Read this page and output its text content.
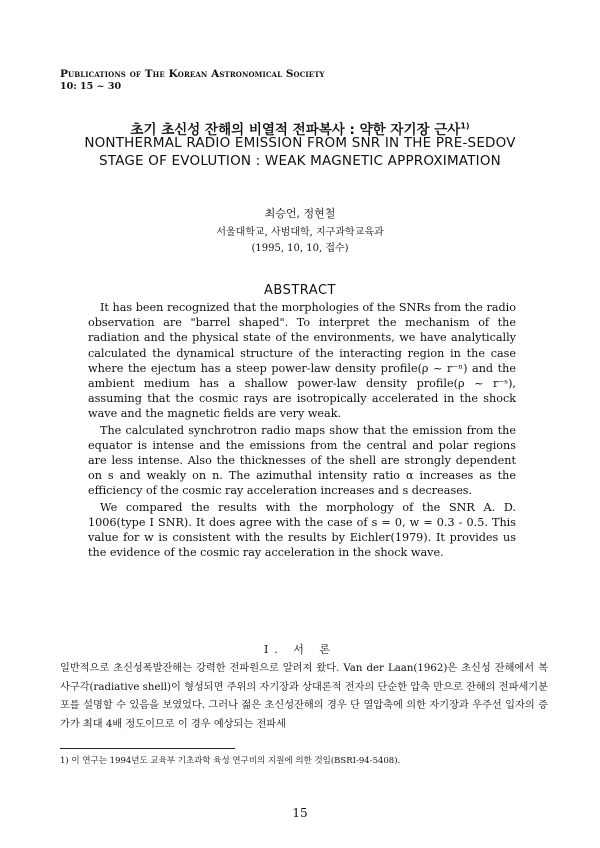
Publications of The Korean Astronomical Society
10: 15 ~ 30
초기 초신성 잔해의 비열적 전파복사 : 약한 자기장 근사$^{1)}$
NONTHERMAL RADIO EMISSION FROM SNR IN THE PRE-SEDOV
STAGE OF EVOLUTION : WEAK MAGNETIC APPROXIMATION
최승언, 정현철
서울대학교, 사범대학, 지구과학교육과
(1995, 10, 10, 접수)
ABSTRACT

It has been recognized that the morphologies of the SNRs from the radio observation are "barrel shaped". To interpret the mechanism of the radiation and the physical state of the environments, we have analytically calculated the dynamical structure of the interacting region in the case where the ejectum has a steep power-law density profile(ρ ~ r⁻ⁿ) and the ambient medium has a shallow power-law density profile(ρ ~ r⁻ˢ), assuming that the cosmic rays are isotropically accelerated in the shock wave and the magnetic fields are very weak.

The calculated synchrotron radio maps show that the emission from the equator is intense and the emissions from the central and polar regions are less intense. Also the thicknesses of the shell are strongly dependent on s and weakly on n. The azimuthal intensity ratio α increases as the efficiency of the cosmic ray acceleration increases and s decreases.

We compared the results with the morphology of the SNR A. D. 1006(type I SNR). It does agree with the case of s = 0, w = 0.3 - 0.5. This value for w is consistent with the results by Eichler(1979). It provides us the evidence of the cosmic ray acceleration in the shock wave.

I. 서 론

일반적으로 초신성폭발잔해는 강력한 전파원으로 알려져 왔다. Van der Laan(1962)은 초신성 잔해에서 복사구각(radiative shell)이 형성되면 주위의 자기장과 상대론적 전자의 단순한 압축 만으로 잔해의 전파세기분포를 설명할 수 있음을 보였었다. 그러나 젊은 초신성잔해의 경우 단 열압축에 의한 자기장과 우주선 입자의 증가가 최대 4배 정도이므로 이 경우 예상되는 전파세

1) 이 연구는 1994년도 교육부 기초과학 육성 연구비의 지원에 의한 것임(BSRI-94-5408).
15
